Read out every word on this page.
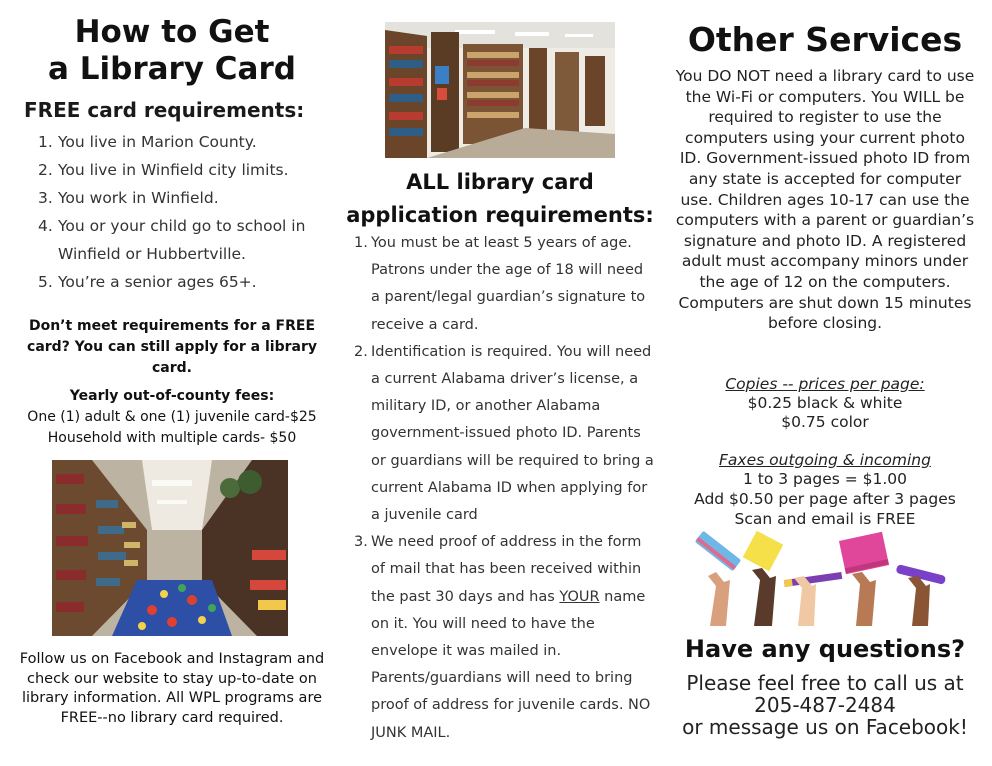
How to Get
a Library Card
FREE card requirements:
1. You live in Marion County.
2. You live in Winfield city limits.
3. You work in Winfield.
4. You or your child go to school in Winfield or Hubbertville.
5. You’re a senior ages 65+.

Don’t meet requirements for a FREE card? You can still apply for a library card.

Yearly out-of-county fees:

One (1) adult & one (1) juvenile card-$25

Household with multiple cards- $50

Follow us on Facebook and Instagram and check our website to stay up-to-date on library information. All WPL programs are FREE--no library card required.

ALL library card
application requirements:
1. You must be at least 5 years of age. Patrons under the age of 18 will need a parent/legal guardian’s signature to receive a card.
2. Identification is required. You will need a current Alabama driver’s license, a military ID, or another Alabama government-issued photo ID. Parents or guardians will be required to bring a current Alabama ID when applying for a juvenile card
3. We need proof of address in the form of mail that has been received within the past 30 days and has YOUR name on it. You will need to have the envelope it was mailed in. Parents/guardians will need to bring proof of address for juvenile cards. NO JUNK MAIL.
Other Services

You DO NOT need a library card to use the Wi-Fi or computers. You WILL be required to register to use the computers using your current photo ID. Government-issued photo ID from any state is accepted for computer use. Children ages 10-17 can use the computers with a parent or guardian’s signature and photo ID. A registered adult must accompany minors under the age of 12 on the computers. Computers are shut down 15 minutes before closing.

Copies -- prices per page:

$0.25 black & white

$0.75 color

Faxes outgoing & incoming

1 to 3 pages = $1.00

Add $0.50 per page after 3 pages

Scan and email is FREE

Have any questions?

Please feel free to call us at

205-487-2484

or message us on Facebook!
